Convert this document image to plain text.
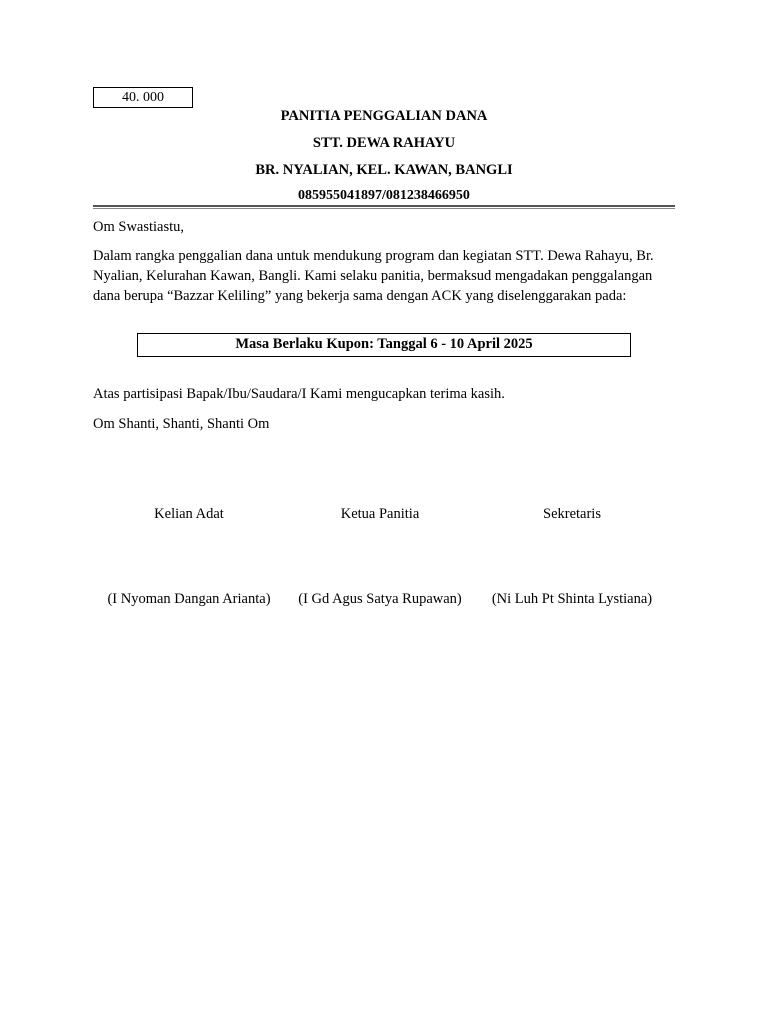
40. 000
PANITIA PENGGALIAN DANA
STT. DEWA RAHAYU
BR. NYALIAN, KEL. KAWAN, BANGLI
085955041897/081238466950
Om Swastiastu,
Dalam rangka penggalian dana untuk mendukung program dan kegiatan STT. Dewa Rahayu, Br. Nyalian, Kelurahan Kawan, Bangli. Kami selaku panitia, bermaksud mengadakan penggalangan dana berupa “Bazzar Keliling” yang bekerja sama dengan ACK yang diselenggarakan pada:
Masa Berlaku Kupon: Tanggal 6 - 10 April 2025
Atas partisipasi Bapak/Ibu/Saudara/I Kami mengucapkan terima kasih.
Om Shanti, Shanti, Shanti Om
Kelian Adat	Ketua Panitia	Sekretaris
(I Nyoman Dangan Arianta)	(I Gd Agus Satya Rupawan)	(Ni Luh Pt Shinta Lystiana)
